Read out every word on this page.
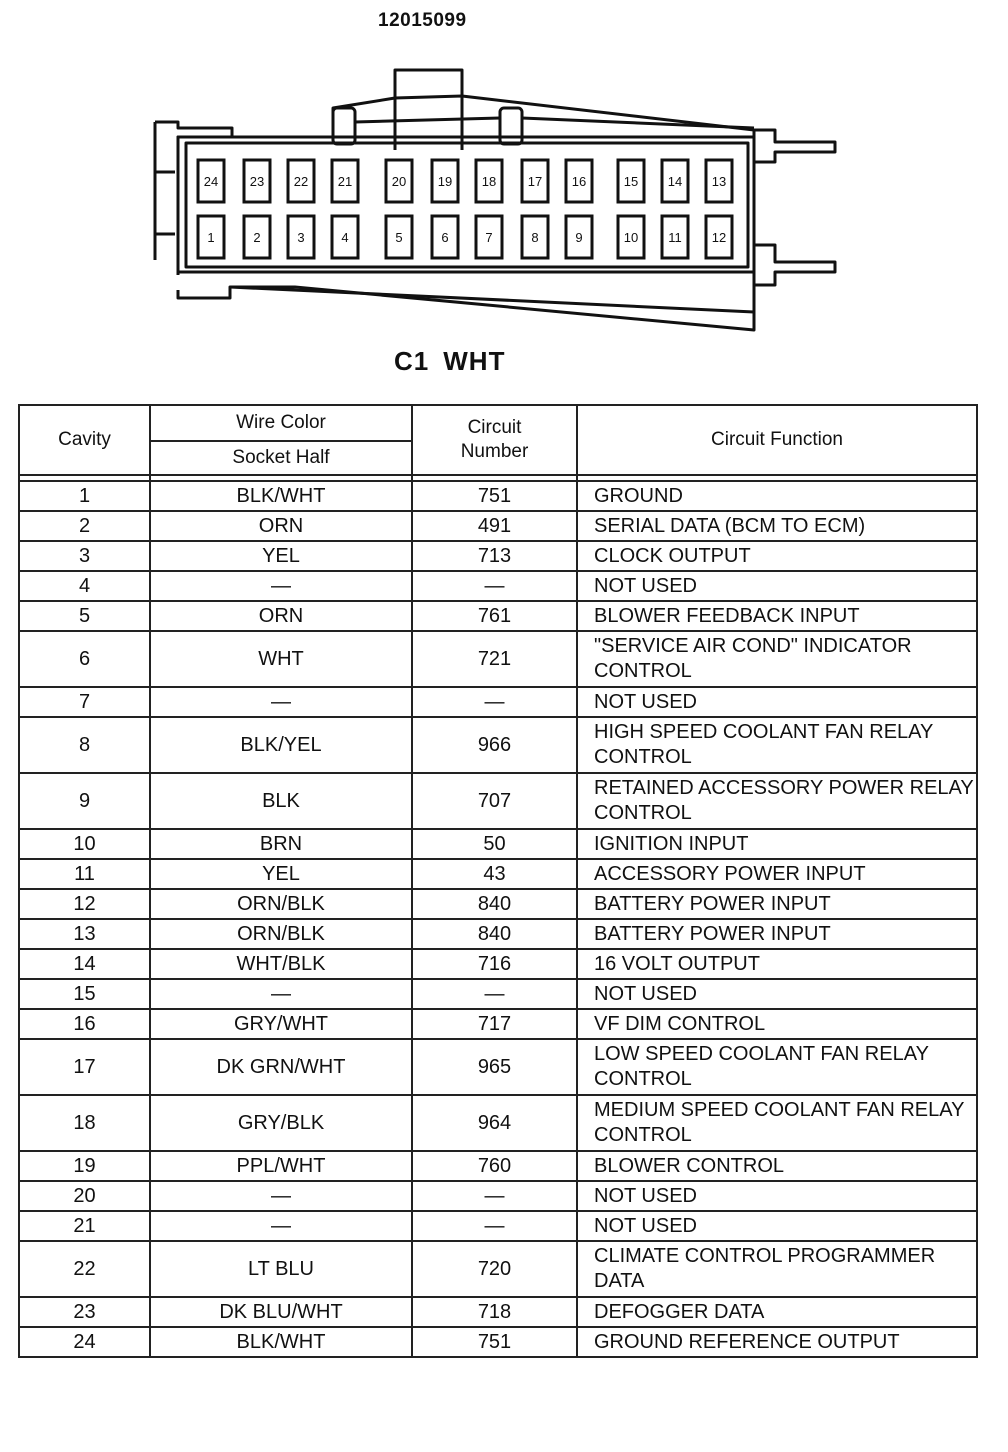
12015099
24 23 22 21	20 19 18 17 16	15 14 13
1	2	3	4	5	6	7	8	9	10 11 12
C1 WHT
Cavity	Wire Color	Circuit Number	Circuit Function
	Socket Half		

1	BLK/WHT	751	GROUND
2	ORN	491	SERIAL DATA (BCM TO ECM)
3	YEL	713	CLOCK OUTPUT
4	—	—	NOT USED
5	ORN	761	BLOWER FEEDBACK INPUT
6	WHT	721	"SERVICE AIR COND" INDICATOR CONTROL
7	—	—	NOT USED
8	BLK/YEL	966	HIGH SPEED COOLANT FAN RELAY CONTROL
9	BLK	707	RETAINED ACCESSORY POWER RELAY CONTROL
10	BRN	50	IGNITION INPUT
11	YEL	43	ACCESSORY POWER INPUT
12	ORN/BLK	840	BATTERY POWER INPUT
13	ORN/BLK	840	BATTERY POWER INPUT
14	WHT/BLK	716	16 VOLT OUTPUT
15	—	—	NOT USED
16	GRY/WHT	717	VF DIM CONTROL
17	DK GRN/WHT	965	LOW SPEED COOLANT FAN RELAY CONTROL
18	GRY/BLK	964	MEDIUM SPEED COOLANT FAN RELAY CONTROL
19	PPL/WHT	760	BLOWER CONTROL
20	—	—	NOT USED
21	—	—	NOT USED
22	LT BLU	720	CLIMATE CONTROL PROGRAMMER DATA
23	DK BLU/WHT	718	DEFOGGER DATA
24	BLK/WHT	751	GROUND REFERENCE OUTPUT
